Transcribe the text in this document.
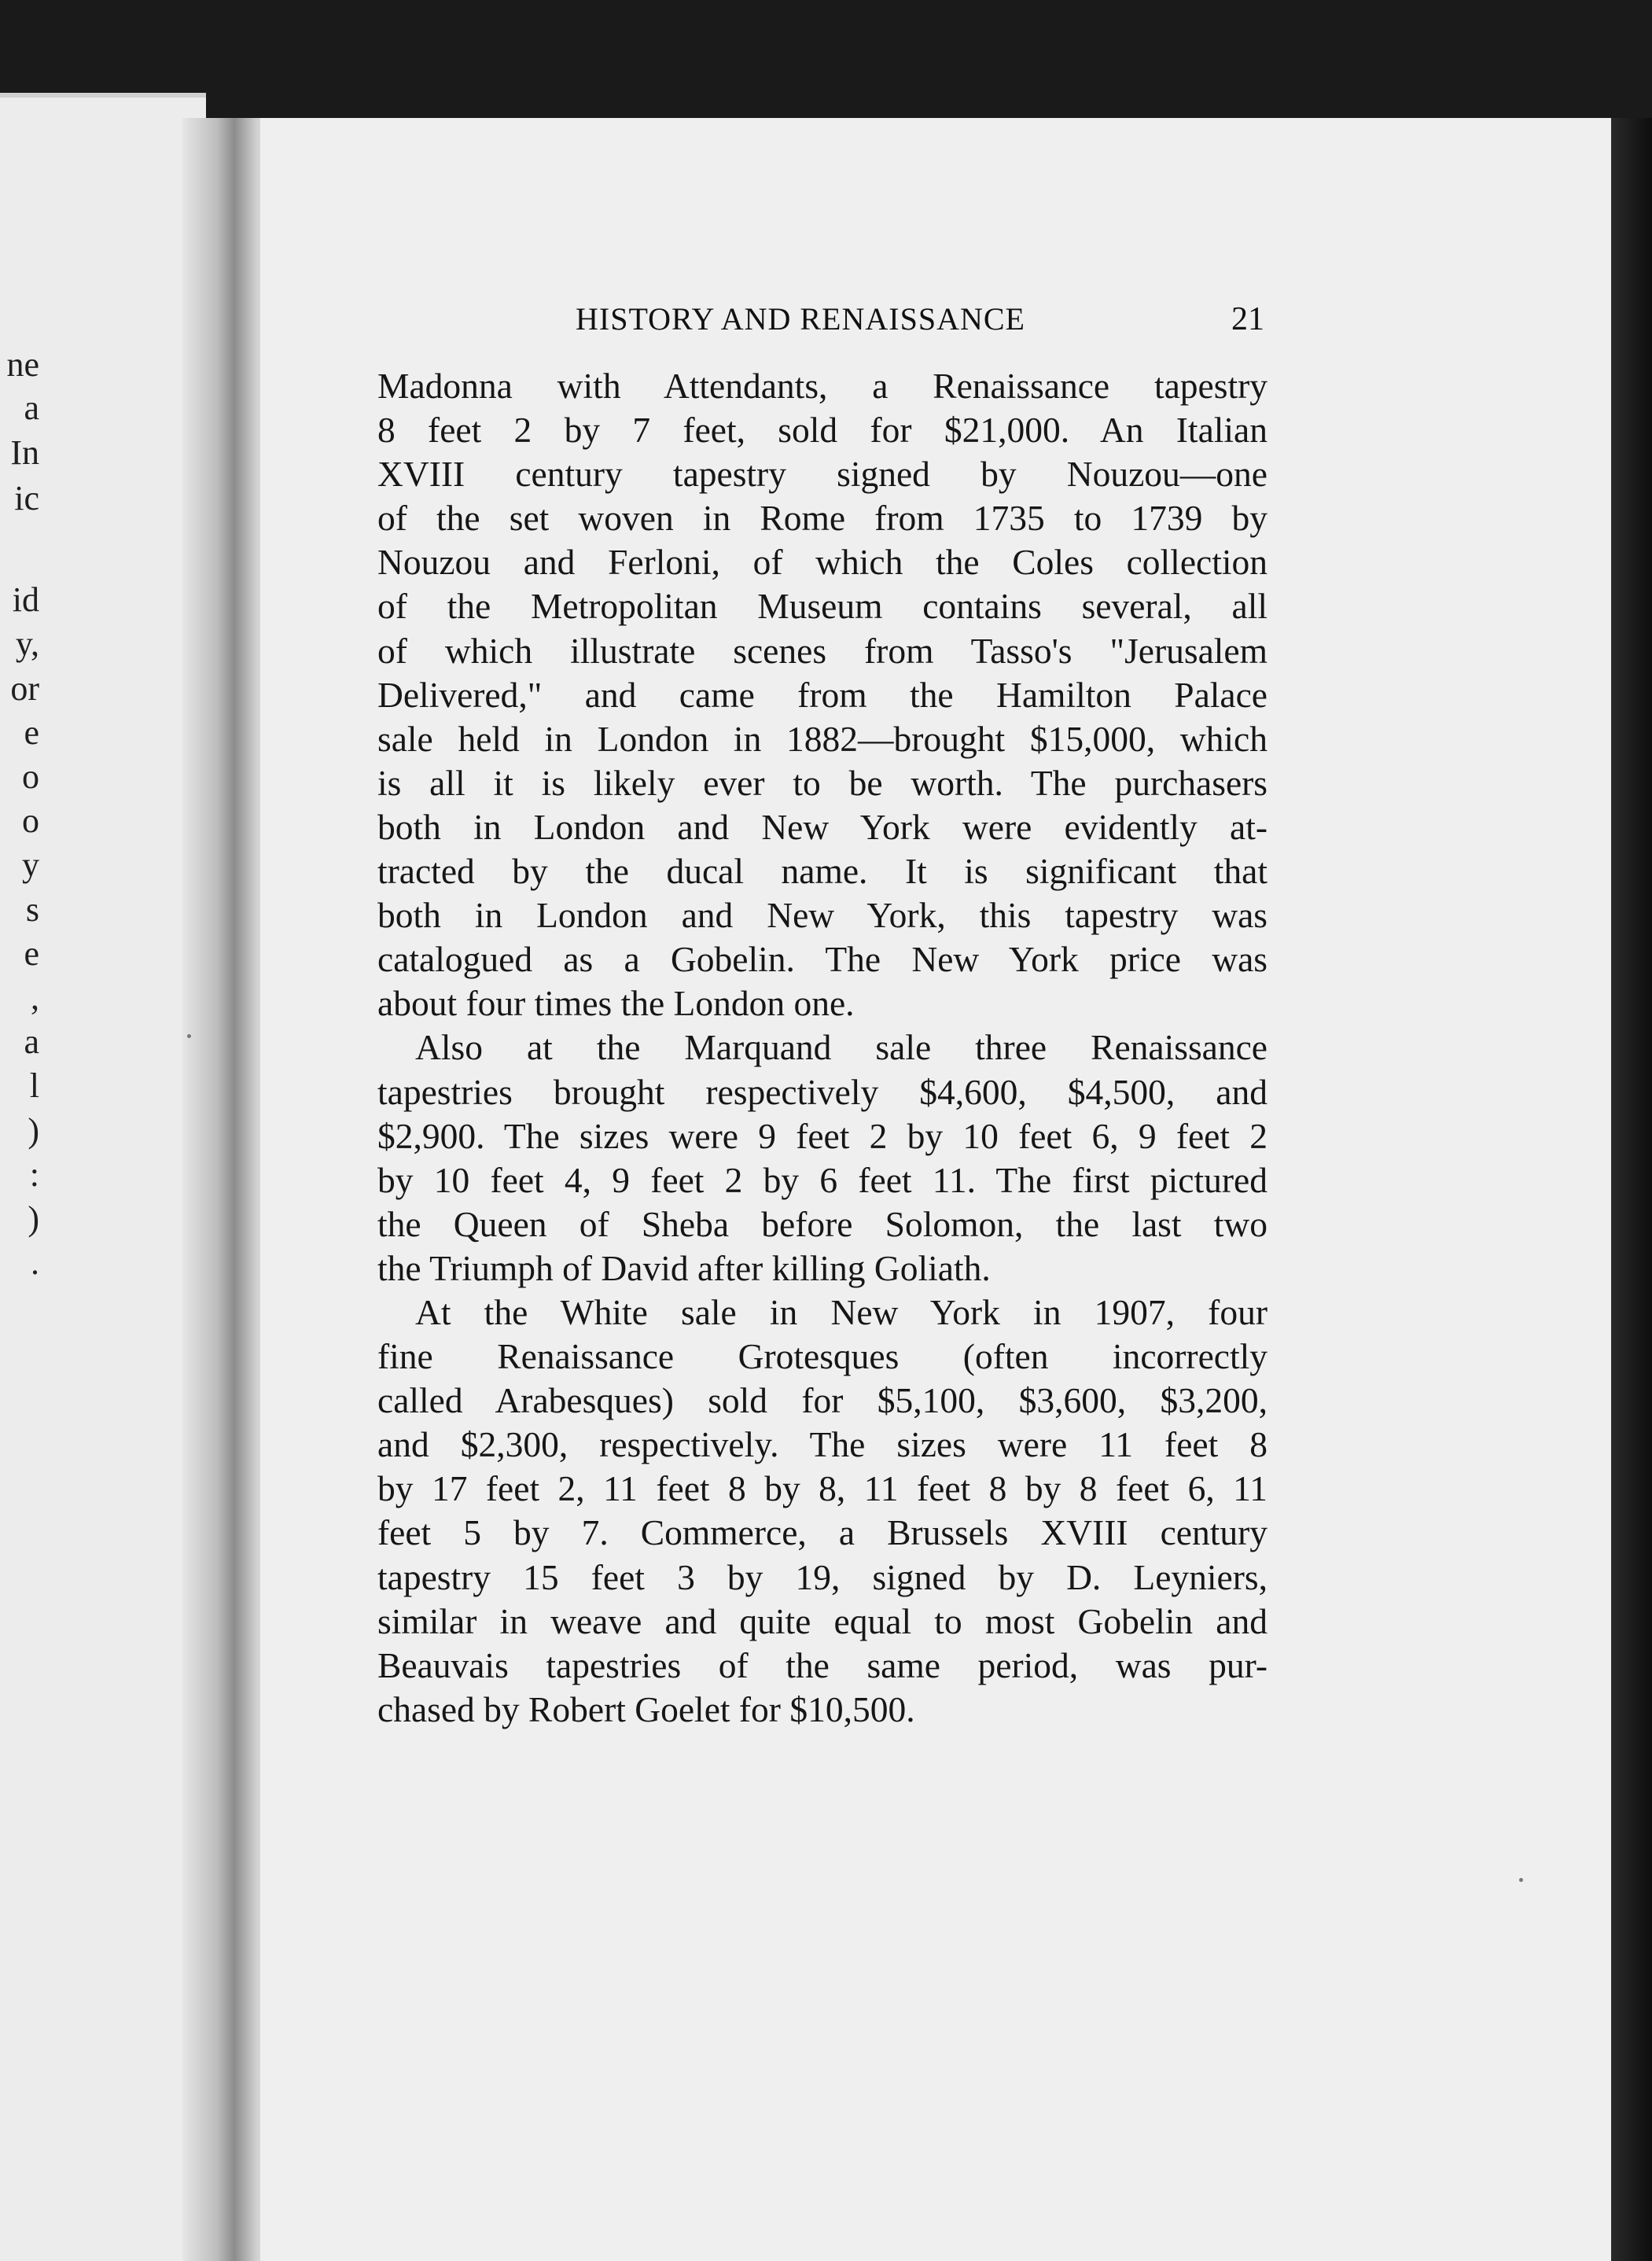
ne
a
In
ic
id
y,
or
e
o
o
y
s
e
,
a
l
)
:
)
.
HISTORY AND RENAISSANCE	21
Madonna with Attendants, a Renaissance tapestry
8 feet 2 by 7 feet, sold for $21,000. An Italian
XVIII century tapestry signed by Nouzou—one
of the set woven in Rome from 1735 to 1739 by
Nouzou and Ferloni, of which the Coles collection
of the Metropolitan Museum contains several, all
of which illustrate scenes from Tasso's "Jerusalem
Delivered," and came from the Hamilton Palace
sale held in London in 1882—brought $15,000, which
is all it is likely ever to be worth. The purchasers
both in London and New York were evidently at-
tracted by the ducal name. It is significant that
both in London and New York, this tapestry was
catalogued as a Gobelin. The New York price was
about four times the London one.
Also at the Marquand sale three Renaissance
tapestries brought respectively $4,600, $4,500, and
$2,900. The sizes were 9 feet 2 by 10 feet 6, 9 feet 2
by 10 feet 4, 9 feet 2 by 6 feet 11. The first pictured
the Queen of Sheba before Solomon, the last two
the Triumph of David after killing Goliath.
At the White sale in New York in 1907, four
fine Renaissance Grotesques (often incorrectly
called Arabesques) sold for $5,100, $3,600, $3,200,
and $2,300, respectively. The sizes were 11 feet 8
by 17 feet 2, 11 feet 8 by 8, 11 feet 8 by 8 feet 6, 11
feet 5 by 7. Commerce, a Brussels XVIII century
tapestry 15 feet 3 by 19, signed by D. Leyniers,
similar in weave and quite equal to most Gobelin and
Beauvais tapestries of the same period, was pur-
chased by Robert Goelet for $10,500.
